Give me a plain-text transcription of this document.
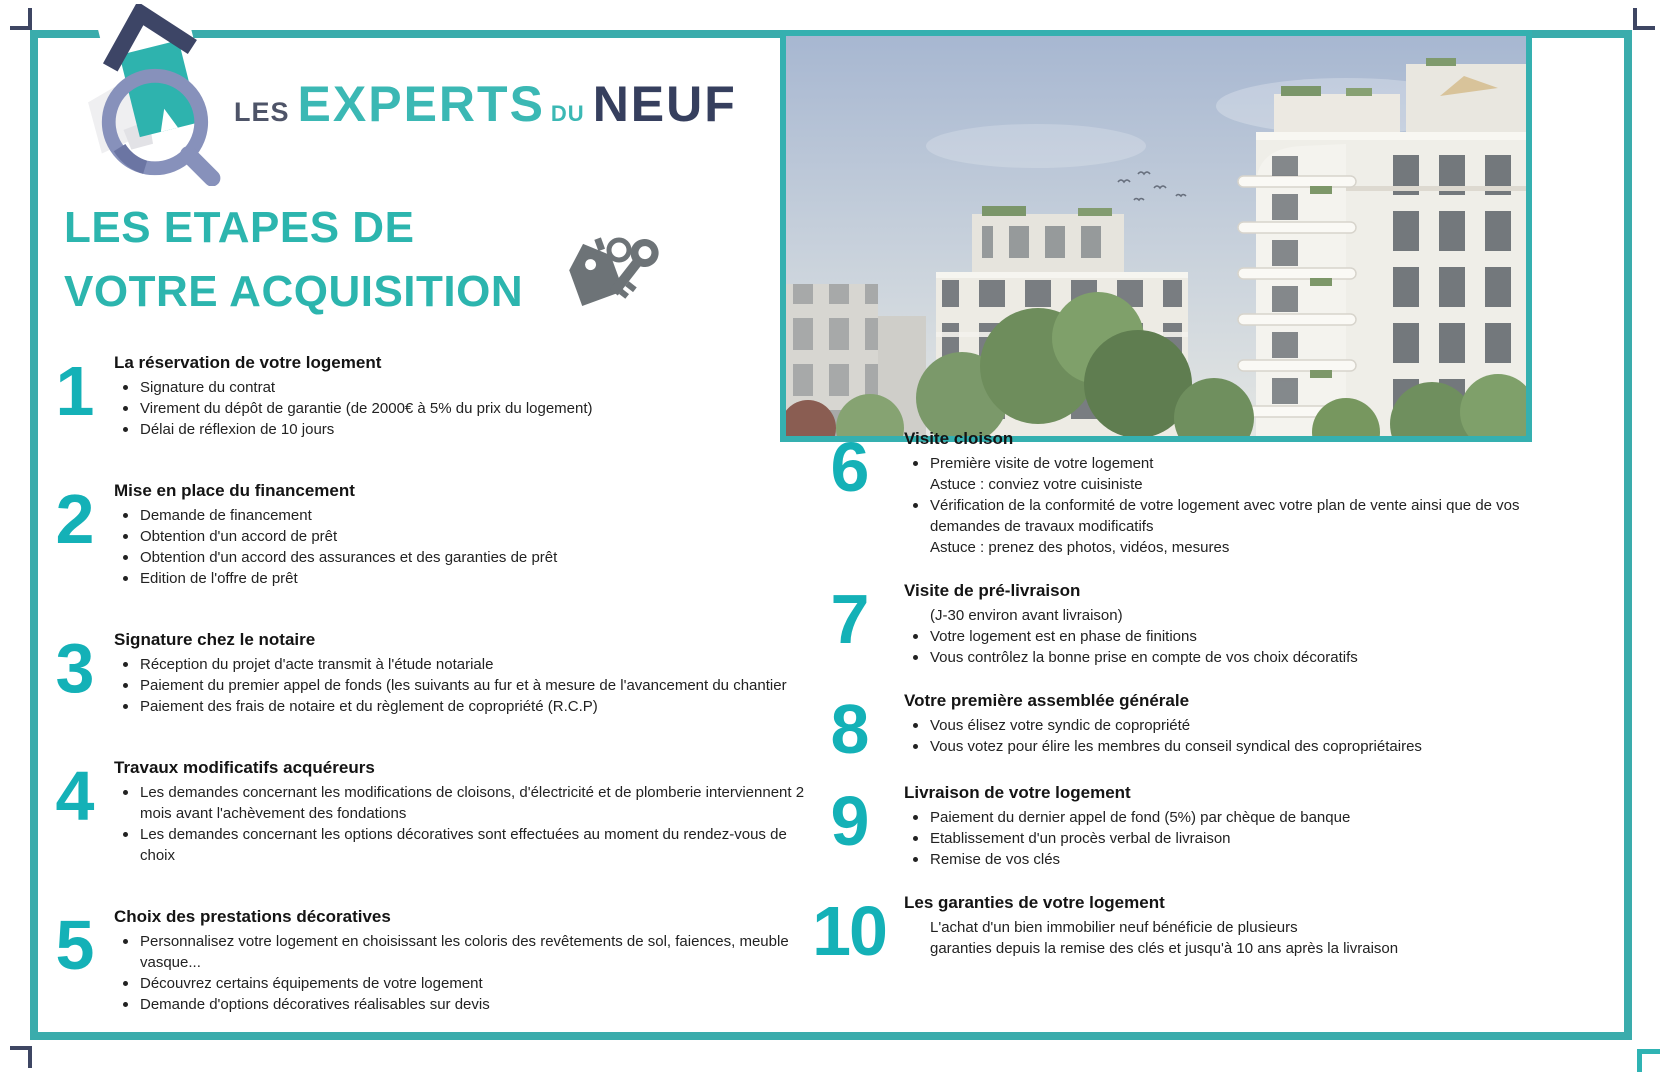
LES EXPERTS DU NEUF
LES ETAPES DE
VOTRE ACQUISITION
1	La réservation de votre logement
Signature du contrat
Virement du dépôt de garantie (de 2000€ à 5% du prix du logement)
Délai de réflexion de 10 jours
2	Mise en place du financement
Demande de financement
Obtention d'un accord de prêt
Obtention d'un accord des assurances et des garanties de prêt
Edition de l'offre de prêt
3	Signature chez le notaire
Réception du projet d'acte transmit à l'étude notariale
Paiement du premier appel de fonds (les suivants au fur et à mesure de l'avancement du chantier
Paiement des frais de notaire et du règlement de copropriété (R.C.P)
4	Travaux modificatifs acquéreurs
Les demandes concernant les modifications de cloisons, d'électricité et de plomberie interviennent 2 mois avant l'achèvement des fondations
Les demandes concernant les options décoratives sont effectuées au moment du rendez-vous de choix
5	Choix des prestations décoratives
Personnalisez votre logement en choisissant les coloris des revêtements de sol, faiences, meuble vasque...
Découvrez certains équipements de votre logement
Demande d'options décoratives réalisables sur devis
6	Visite cloison
Première visite de votre logement
Astuce : conviez votre cuisiniste
Vérification de la conformité de votre logement avec votre plan de vente ainsi que de vos demandes de travaux modificatifs
Astuce : prenez des photos, vidéos, mesures
7	Visite de pré-livraison
(J-30 environ avant livraison)
Votre logement est en phase de finitions
Vous contrôlez la bonne prise en compte de vos choix décoratifs
8	Votre première assemblée générale
Vous élisez votre syndic de copropriété
Vous votez pour élire les membres du conseil syndical des copropriétaires
9	Livraison de votre logement
Paiement du dernier appel de fond (5%) par chèque de banque
Etablissement d'un procès verbal de livraison
Remise de vos clés
10	Les garanties de votre logement
L'achat d'un bien immobilier neuf bénéficie de plusieurs
garanties depuis la remise des clés et jusqu'à 10 ans après la livraison
